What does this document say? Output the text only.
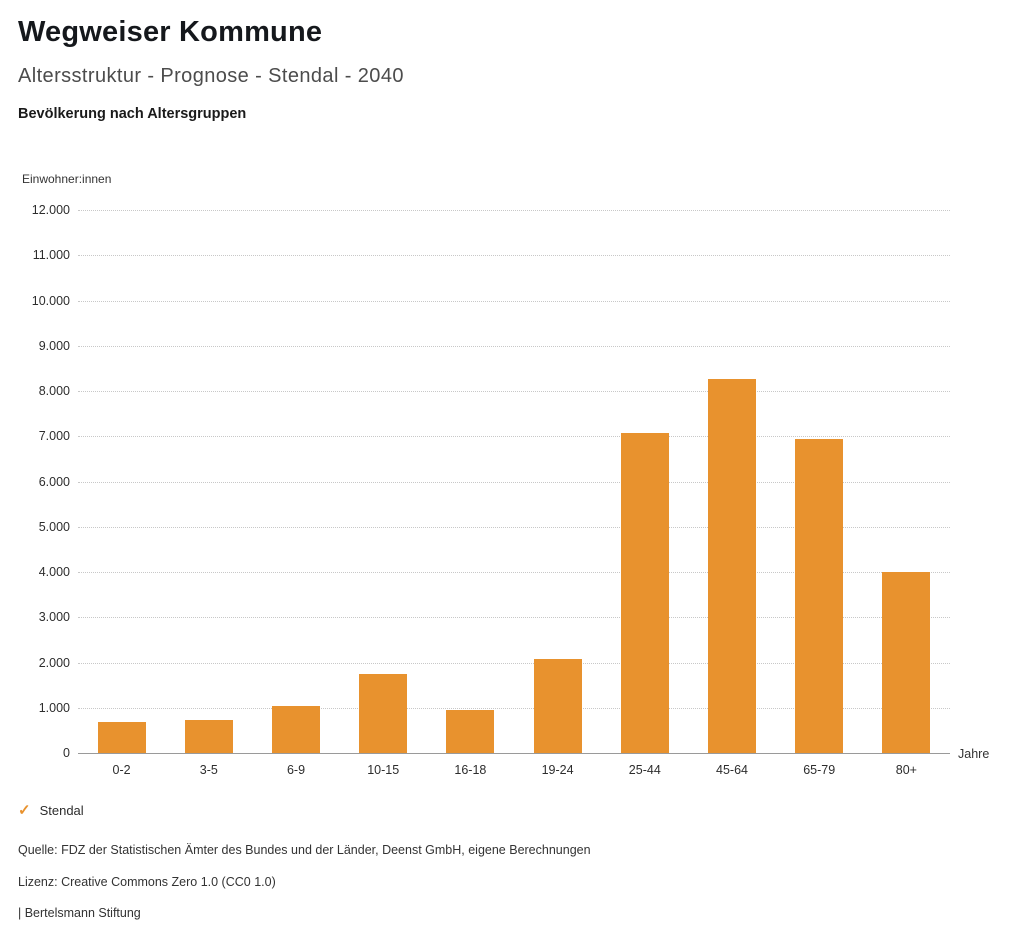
Wegweiser Kommune
Altersstruktur - Prognose - Stendal - 2040
Bevölkerung nach Altersgruppen
Einwohner:innen
0
1.000
2.000
3.000
4.000
5.000
6.000
7.000
8.000
9.000
10.000
11.000
12.000
0-2	3-5	6-9	10-15	16-18	19-24	25-44	45-64	65-79	80+
Jahre
✓ Stendal
Quelle: FDZ der Statistischen Ämter des Bundes und der Länder, Deenst GmbH, eigene Berechnungen
Lizenz: Creative Commons Zero 1.0 (CC0 1.0)
| Bertelsmann Stiftung
